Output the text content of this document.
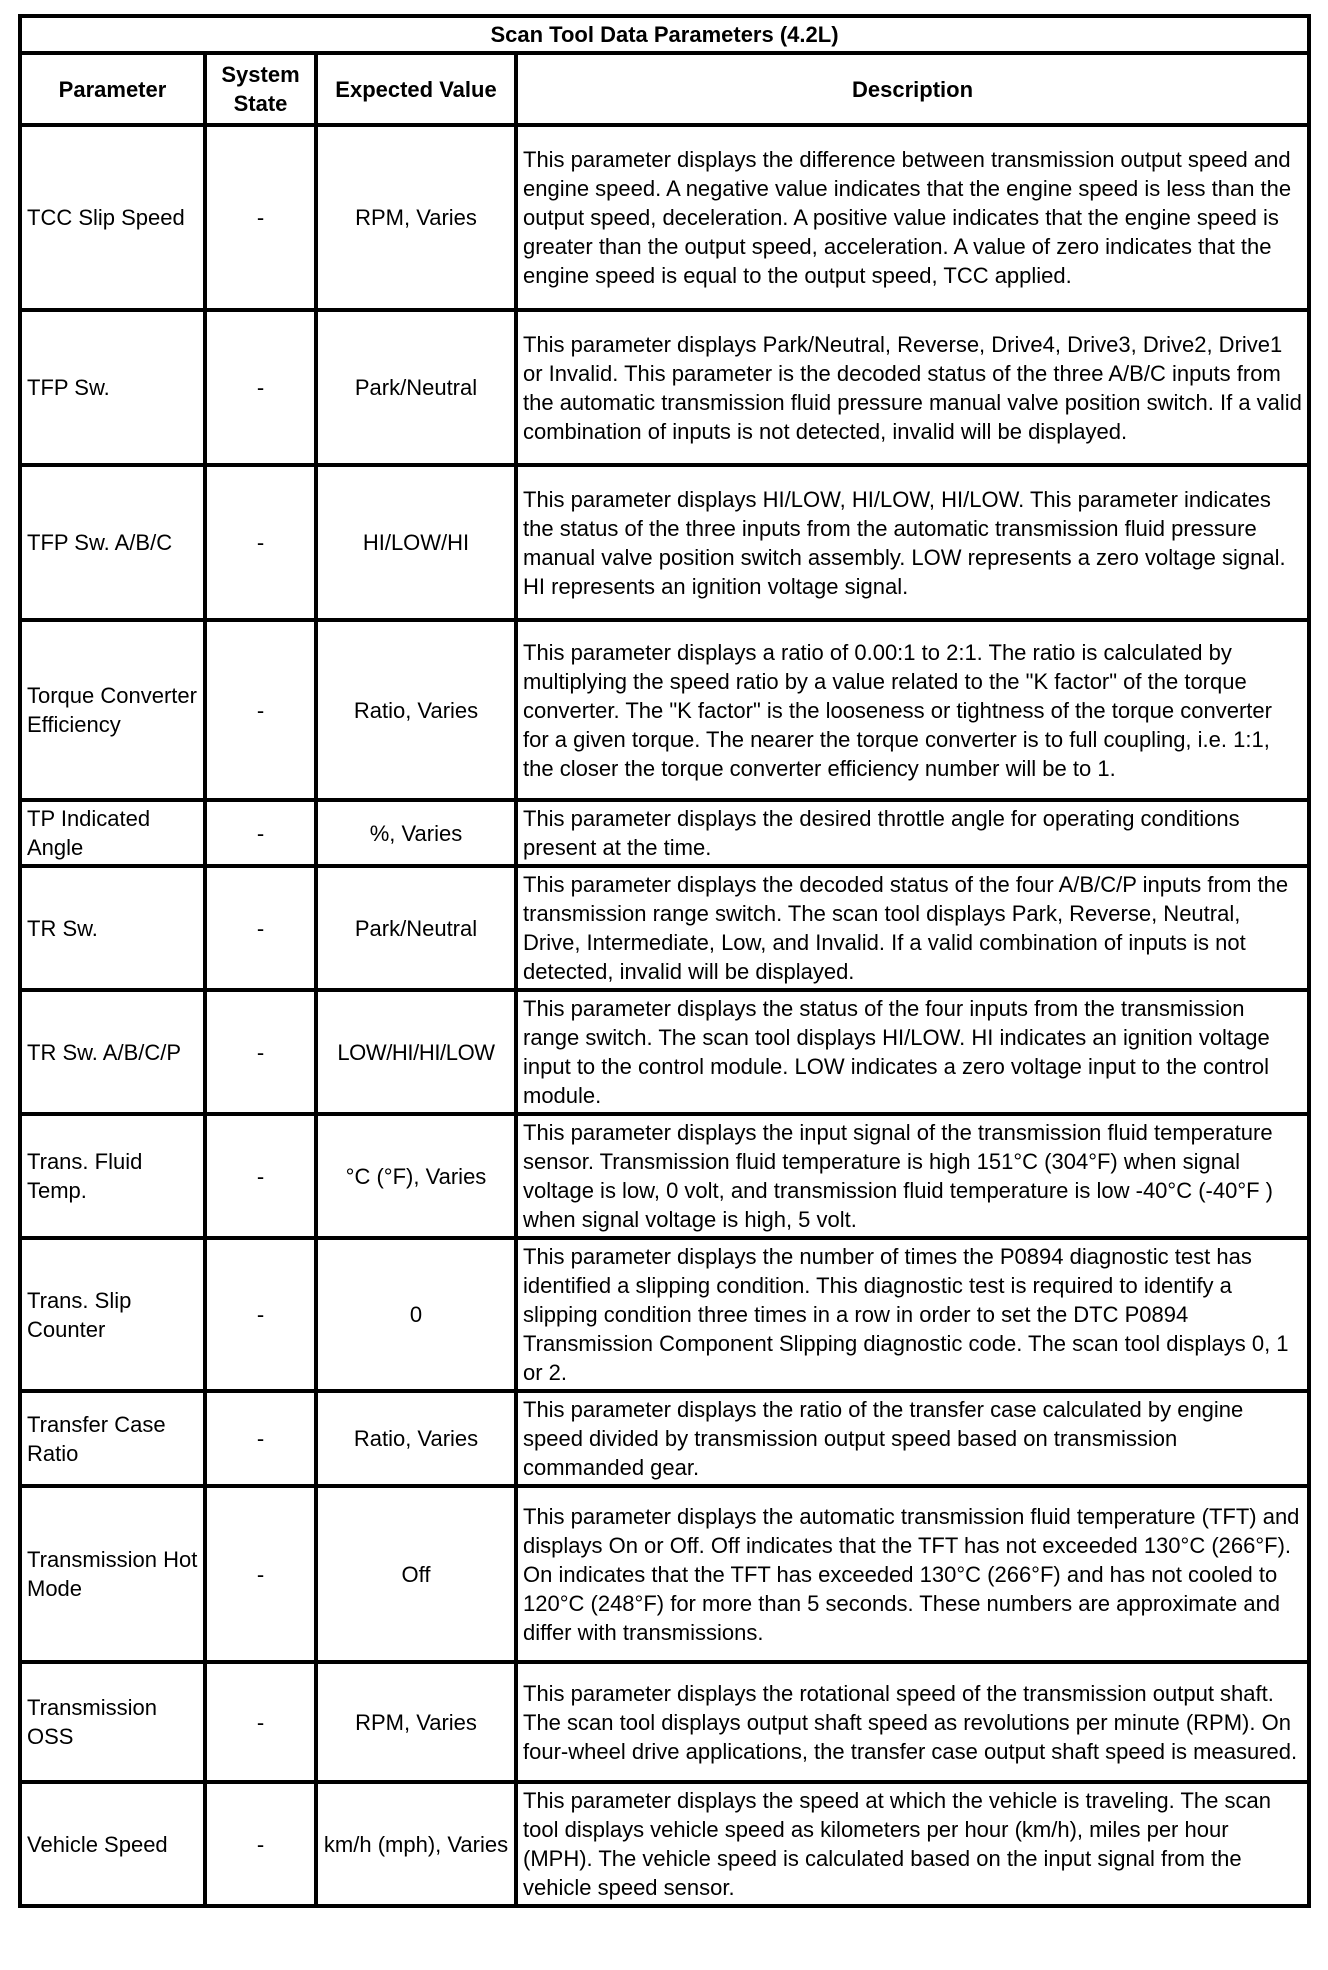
Scan Tool Data Parameters (4.2L)			
Parameter	System State	Expected Value	Description
TCC Slip Speed	-	RPM, Varies	This parameter displays the difference between transmission output speed and engine speed. A negative value indicates that the engine speed is less than the output speed, deceleration. A positive value indicates that the engine speed is greater than the output speed, acceleration. A value of zero indicates that the engine speed is equal to the output speed, TCC applied.
TFP Sw.	-	Park/Neutral	This parameter displays Park/Neutral, Reverse, Drive4, Drive3, Drive2, Drive1 or Invalid. This parameter is the decoded status of the three A/B/C inputs from the automatic transmission fluid pressure manual valve position switch. If a valid combination of inputs is not detected, invalid will be displayed.
TFP Sw. A/B/C	-	HI/LOW/HI	This parameter displays HI/LOW, HI/LOW, HI/LOW. This parameter indicates the status of the three inputs from the automatic transmission fluid pressure manual valve position switch assembly. LOW represents a zero voltage signal. HI represents an ignition voltage signal.
Torque Converter Efficiency	-	Ratio, Varies	This parameter displays a ratio of 0.00:1 to 2:1. The ratio is calculated by multiplying the speed ratio by a value related to the "K factor" of the torque converter. The "K factor" is the looseness or tightness of the torque converter for a given torque. The nearer the torque converter is to full coupling, i.e. 1:1, the closer the torque converter efficiency number will be to 1.
TP Indicated Angle	-	%, Varies	This parameter displays the desired throttle angle for operating conditions present at the time.
TR Sw.	-	Park/Neutral	This parameter displays the decoded status of the four A/B/C/P inputs from the transmission range switch. The scan tool displays Park, Reverse, Neutral, Drive, Intermediate, Low, and Invalid. If a valid combination of inputs is not detected, invalid will be displayed.
TR Sw. A/B/C/P	-	LOW/HI/HI/LOW	This parameter displays the status of the four inputs from the transmission range switch. The scan tool displays HI/LOW. HI indicates an ignition voltage input to the control module. LOW indicates a zero voltage input to the control module.
Trans. Fluid Temp.	-	°C (°F), Varies	This parameter displays the input signal of the transmission fluid temperature sensor. Transmission fluid temperature is high 151°C (304°F) when signal voltage is low, 0 volt, and transmission fluid temperature is low -40°C (-40°F ) when signal voltage is high, 5 volt.
Trans. Slip Counter	-	0	This parameter displays the number of times the P0894 diagnostic test has identified a slipping condition. This diagnostic test is required to identify a slipping condition three times in a row in order to set the DTC P0894 Transmission Component Slipping diagnostic code. The scan tool displays 0, 1 or 2.
Transfer Case Ratio	-	Ratio, Varies	This parameter displays the ratio of the transfer case calculated by engine speed divided by transmission output speed based on transmission commanded gear.
Transmission Hot Mode	-	Off	This parameter displays the automatic transmission fluid temperature (TFT) and displays On or Off. Off indicates that the TFT has not exceeded 130°C (266°F). On indicates that the TFT has exceeded 130°C (266°F) and has not cooled to 120°C (248°F) for more than 5 seconds. These numbers are approximate and differ with transmissions.
Transmission OSS	-	RPM, Varies	This parameter displays the rotational speed of the transmission output shaft. The scan tool displays output shaft speed as revolutions per minute (RPM). On four-wheel drive applications, the transfer case output shaft speed is measured.
Vehicle Speed	-	km/h (mph), Varies	This parameter displays the speed at which the vehicle is traveling. The scan tool displays vehicle speed as kilometers per hour (km/h), miles per hour (MPH). The vehicle speed is calculated based on the input signal from the vehicle speed sensor.
